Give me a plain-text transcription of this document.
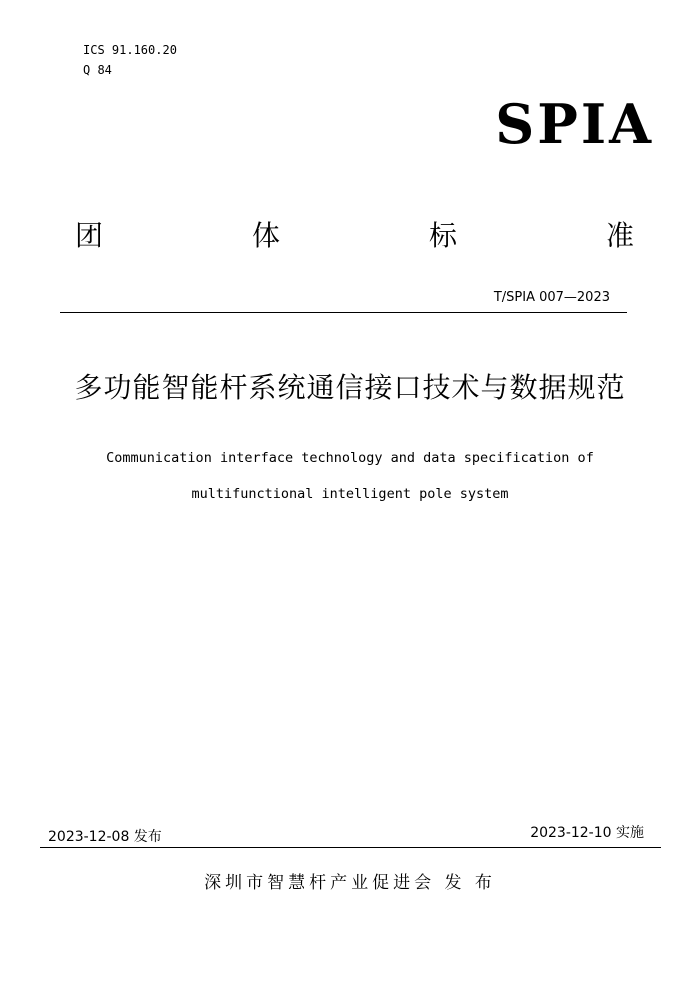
ICS 91.160.20
Q 84
SPIA
团	体	标	准
T/SPIA 007—2023
多功能智能杆系统通信接口技术与数据规范
Communication interface technology and data specification of
multifunctional intelligent pole system
2023-12-08 发布	2023-12-10 实施
深圳市智慧杆产业促进会 发 布
